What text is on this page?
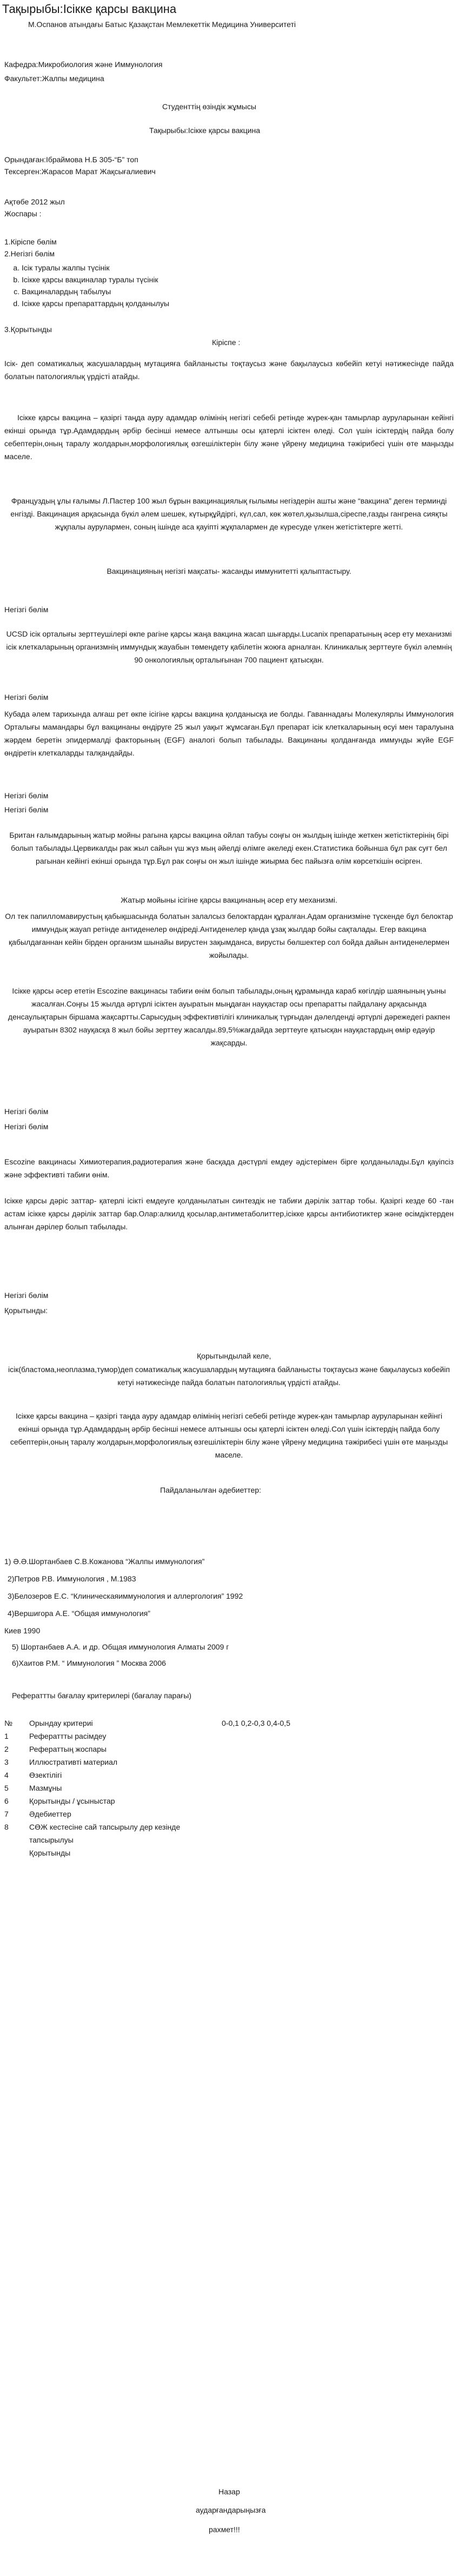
Тақырыбы:Ісікке қарсы вакцина

М.Оспанов атындағы Батыс Қазақстан Мемлекеттік Медицина Университеті

Кафедра:Микробиология және Иммунология

Факультет:Жалпы медицина

Студенттің өзіндік жұмысы

Тақырыбы:Ісікке қарсы вакцина

Орындаған:Ібраймова Н.Б 305-“Б” топ

Тексерген:Жарасов Марат Жақсығалиевич

Ақтөбе 2012 жыл

Жоспары :

1.Кіріспе бөлім

2.Негізгі бөлім

a. Ісік туралы жалпы түсінік
b. Ісікке қарсы вакциналар туралы түсінік
c. Вакциналардың табылуы
d. Ісікке қарсы препараттардың қолданылуы

3.Қорытынды

Кіріспе :

Ісік- деп соматикалық жасушалардың мутацияға байланысты тоқтаусыз және бақылаусыз көбейіп кетуі нәтижесінде пайда болатын патологиялық үрдісті атайды.

Ісікке қарсы вакцина – қазіргі таңда ауру адамдар өлімінің негізгі себебі ретінде жүрек-қан тамырлар ауруларынан кейінгі екінші орында тұр.Адамдардың әрбір бесінші немесе алтыншы осы қатерлі ісіктен өледі. Сол үшін ісіктердің пайда болу себептерін,оның таралу жолдарын,морфологиялық өзгешіліктерін білу және үйрену медицина тәжірибесі үшін өте маңызды маселе.

Француздың ұлы ғалымы Л.Пастер 100 жыл бұрын вакцинациялық ғылымы негіздерін ашты және “вакцина” деген терминді енгізді. Вакцинация арқасында бүкіл әлем шешек, күтырқұйдіргі, күл,сал, көк жөтел,қызылша,сіреспе,газды гангрена сияқты жұқпалы аурулармен, соның ішінде аса қауіпті жұқпалармен де күресуде үлкен жетістіктерге жетті.

Вакцинацияның негізгі мақсаты- жасанды иммунитетті қалыптастыру.

Негізгі бөлім

UCSD ісік орталығы зерттеушілері өкпе рагіне қарсы жаңа вакцина жасап шығарды.Lucanix препаратының әсер ету механизмі ісік клеткаларының организмнің иммундық жауабын төмендету қабілетін жоюға арналған. Клиникалық зерттеуге бүкіл әлемнің 90 онкологиялық орталығынан 700 пациент қатысқан.

Негізгі бөлім

Кубада әлем тарихында алғаш рет өкпе ісігіне қарсы вакцина қолданысқа ие болды. Гаваннадағы Молекулярлы Иммунология Орталығы мамандары бұл вакцинаны өндіруге 25 жыл уақыт жұмсаған.Бұл препарат ісік клеткаларының өсуі мен таралуына жәрдем беретін эпидермалді факторының (EGF) аналогі болып табылады. Вакцинаны қолданғанда иммунды жүйе EGF өндіретін клеткаларды талқандайды.

Негізгі бөлім

Негізгі бөлім

Британ ғалымдарының жатыр мойны рагына қарсы вакцина ойлап табуы соңғы он жылдың ішінде жеткен жетістіктерінің бірі болып табылады.Цервикалды рак жыл сайын үш жүз мың әйелді өлімге әкеледі екен.Статистика бойынша бұл рак суғт бел рагынан кейінгі екінші орында тұр.Бұл рак соңғы он жыл ішінде жиырма бес пайызға өлім көрсеткішін өсірген.

Жатыр мойыны ісігіне қарсы вакцинаның әсер ету механизмі.

Ол тек папилломавирустың қабықшасында болатын залалсыз белоктардан құралған.Адам организміне түскенде бұл белоктар иммундық жауап ретінде антиденелер өндіреді.Антиденелер қанда ұзақ жылдар бойы сақталады. Егер вакцина қабылдағаннан кейін бірден организм шынайы вирустен зақымданса, вирусты бөлшектер сол бойда дайын антиденелермен жойылады.

Ісікке қарсы әсер ететін Escozine вакцинасы табиғи өнім болып табылады,оның құрамында караб көгілдір шаянының уыны жасалған.Соңғы 15 жылда әртүрлі ісіктен ауыратын мыңдаған науқастар осы препаратты пайдалану арқасында денсаулықтарын біршама жақсартты.Сарысудың эффективтілігі клиникалық түрғыдан дәлелденді әртүрлі дәрежедегі ракпен ауыратын 8302 науқасқа 8 жыл бойы зерттеу жасалды.89,5%жағдайда зерттеуге қатысқан науқастардың өмір едәуір жақсарды.

Негізгі бөлім

Негізгі бөлім

Escozine вакцинасы Химиотерапия,радиотерапия және басқада дәстүрлі емдеу әдістерімен бірге қолданылады.Бұл қауіпсіз және эффективті табиғи өнім.

Ісікке қарсы дәріс заттар- қатерлі ісікті емдеуге қолданылатын синтездік не табиғи дәрілік заттар тобы. Қазіргі кезде 60 -тан астам ісікке қарсы дәрілік заттар бар.Олар:алкилд қосылар,антиметаболиттер,ісікке қарсы антибиотиктер және өсімдіктерден алынған дәрілер болып табылады.

Негізгі бөлім

Қорытынды:

Қорытындылай келе,

ісік(бластома,неоплазма,тумор)деп соматикалық жасушалардың мутацияға байланысты тоқтаусыз және бақылаусыз көбейіп кетуі нәтижесінде пайда болатын патологиялық үрдісті атайды.

Ісікке қарсы вакцина – қазіргі таңда ауру адамдар өлімінің негізгі себебі ретінде жүрек-қан тамырлар ауруларынан кейінгі екінші орында тұр.Адамдардың әрбір бесінші немесе алтыншы осы қатерлі ісіктен өледі.Сол үшін ісіктердің пайда болу себептерін,оның таралу жолдарын,морфологиялық өзгешіліктерін білу және үйрену медицина тәжірибесі үшін өте маңызды маселе.

Пайдаланылған әдебиеттер:

1) Ә.Ә.Шортанбаев С.В.Кожанова “Жалпы иммунология”

2)Петров Р.В. Иммунология , М.1983

3)Белозеров Е.С. “Клиническаяиммунология и аллергология” 1992

4)Вершигора А.Е. “Общая иммунология”

Киев 1990

5) Шортанбаев А.А. и др. Общая иммунология Алматы 2009 г

6)Хаитов Р.М. “ Иммунология ” Москва 2006

Рефераттты бағалау критерилері (бағалау парағы)

№	Орындау критериі	0-0,1 0,2-0,3 0,4-0,5
1	Рефераттты расімдеу	
2	Рефераттың жоспары	
3	Иллюстративті материал	
4	Өзектілігі	
5	Мазмұны	
6	Қорытынды / ұсыныстар	
7	Әдебиеттер	
8	СӨЖ кестесіне сай тапсырылу дер кезінде тапсырылуы	
	Қорытынды	

Назар

аударғандарыңызға

рахмет!!!
